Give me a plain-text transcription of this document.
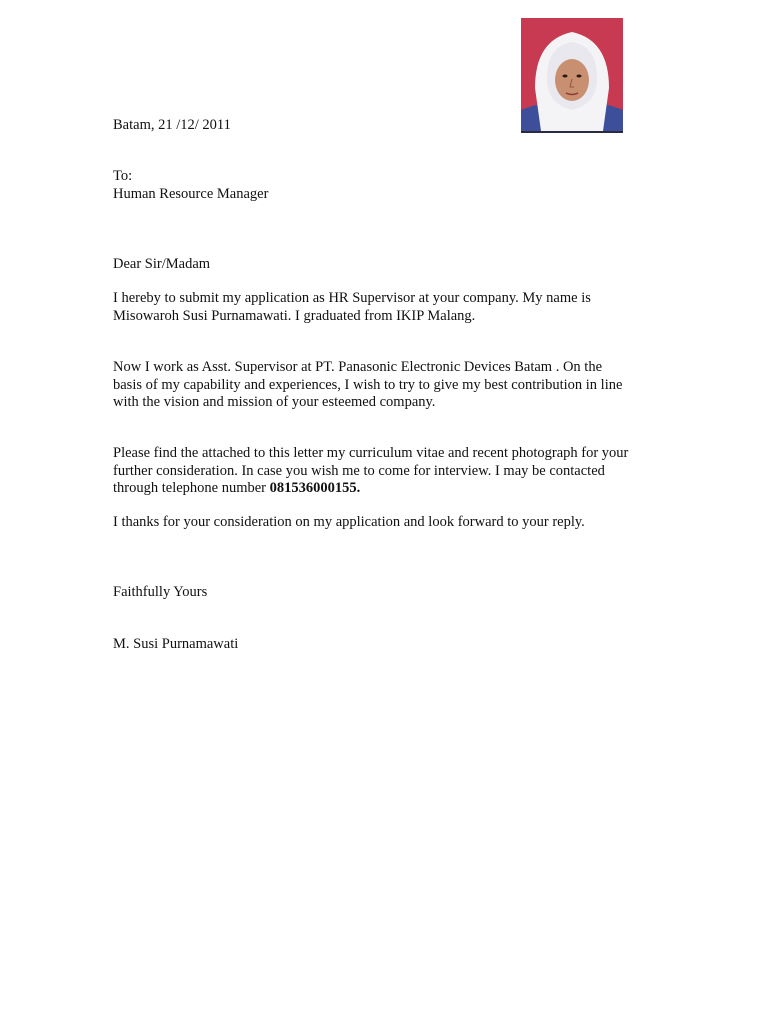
Batam, 21 /12/ 2011
To:
Human Resource Manager
Dear Sir/Madam
I hereby to submit my application as HR Supervisor at your company. My name is
Misowaroh Susi Purnamawati. I graduated from IKIP Malang.
Now I work as Asst. Supervisor at PT. Panasonic Electronic Devices Batam . On the
basis of my capability and experiences, I wish to try to give my best contribution in line
with the vision and mission of your esteemed company.
Please find the attached to this letter my curriculum vitae and recent photograph for your
further consideration. In case you wish me to come for interview. I may be contacted
through telephone number 081536000155.
I thanks for your consideration on my application and look forward to your reply.
Faithfully Yours
M. Susi Purnamawati
